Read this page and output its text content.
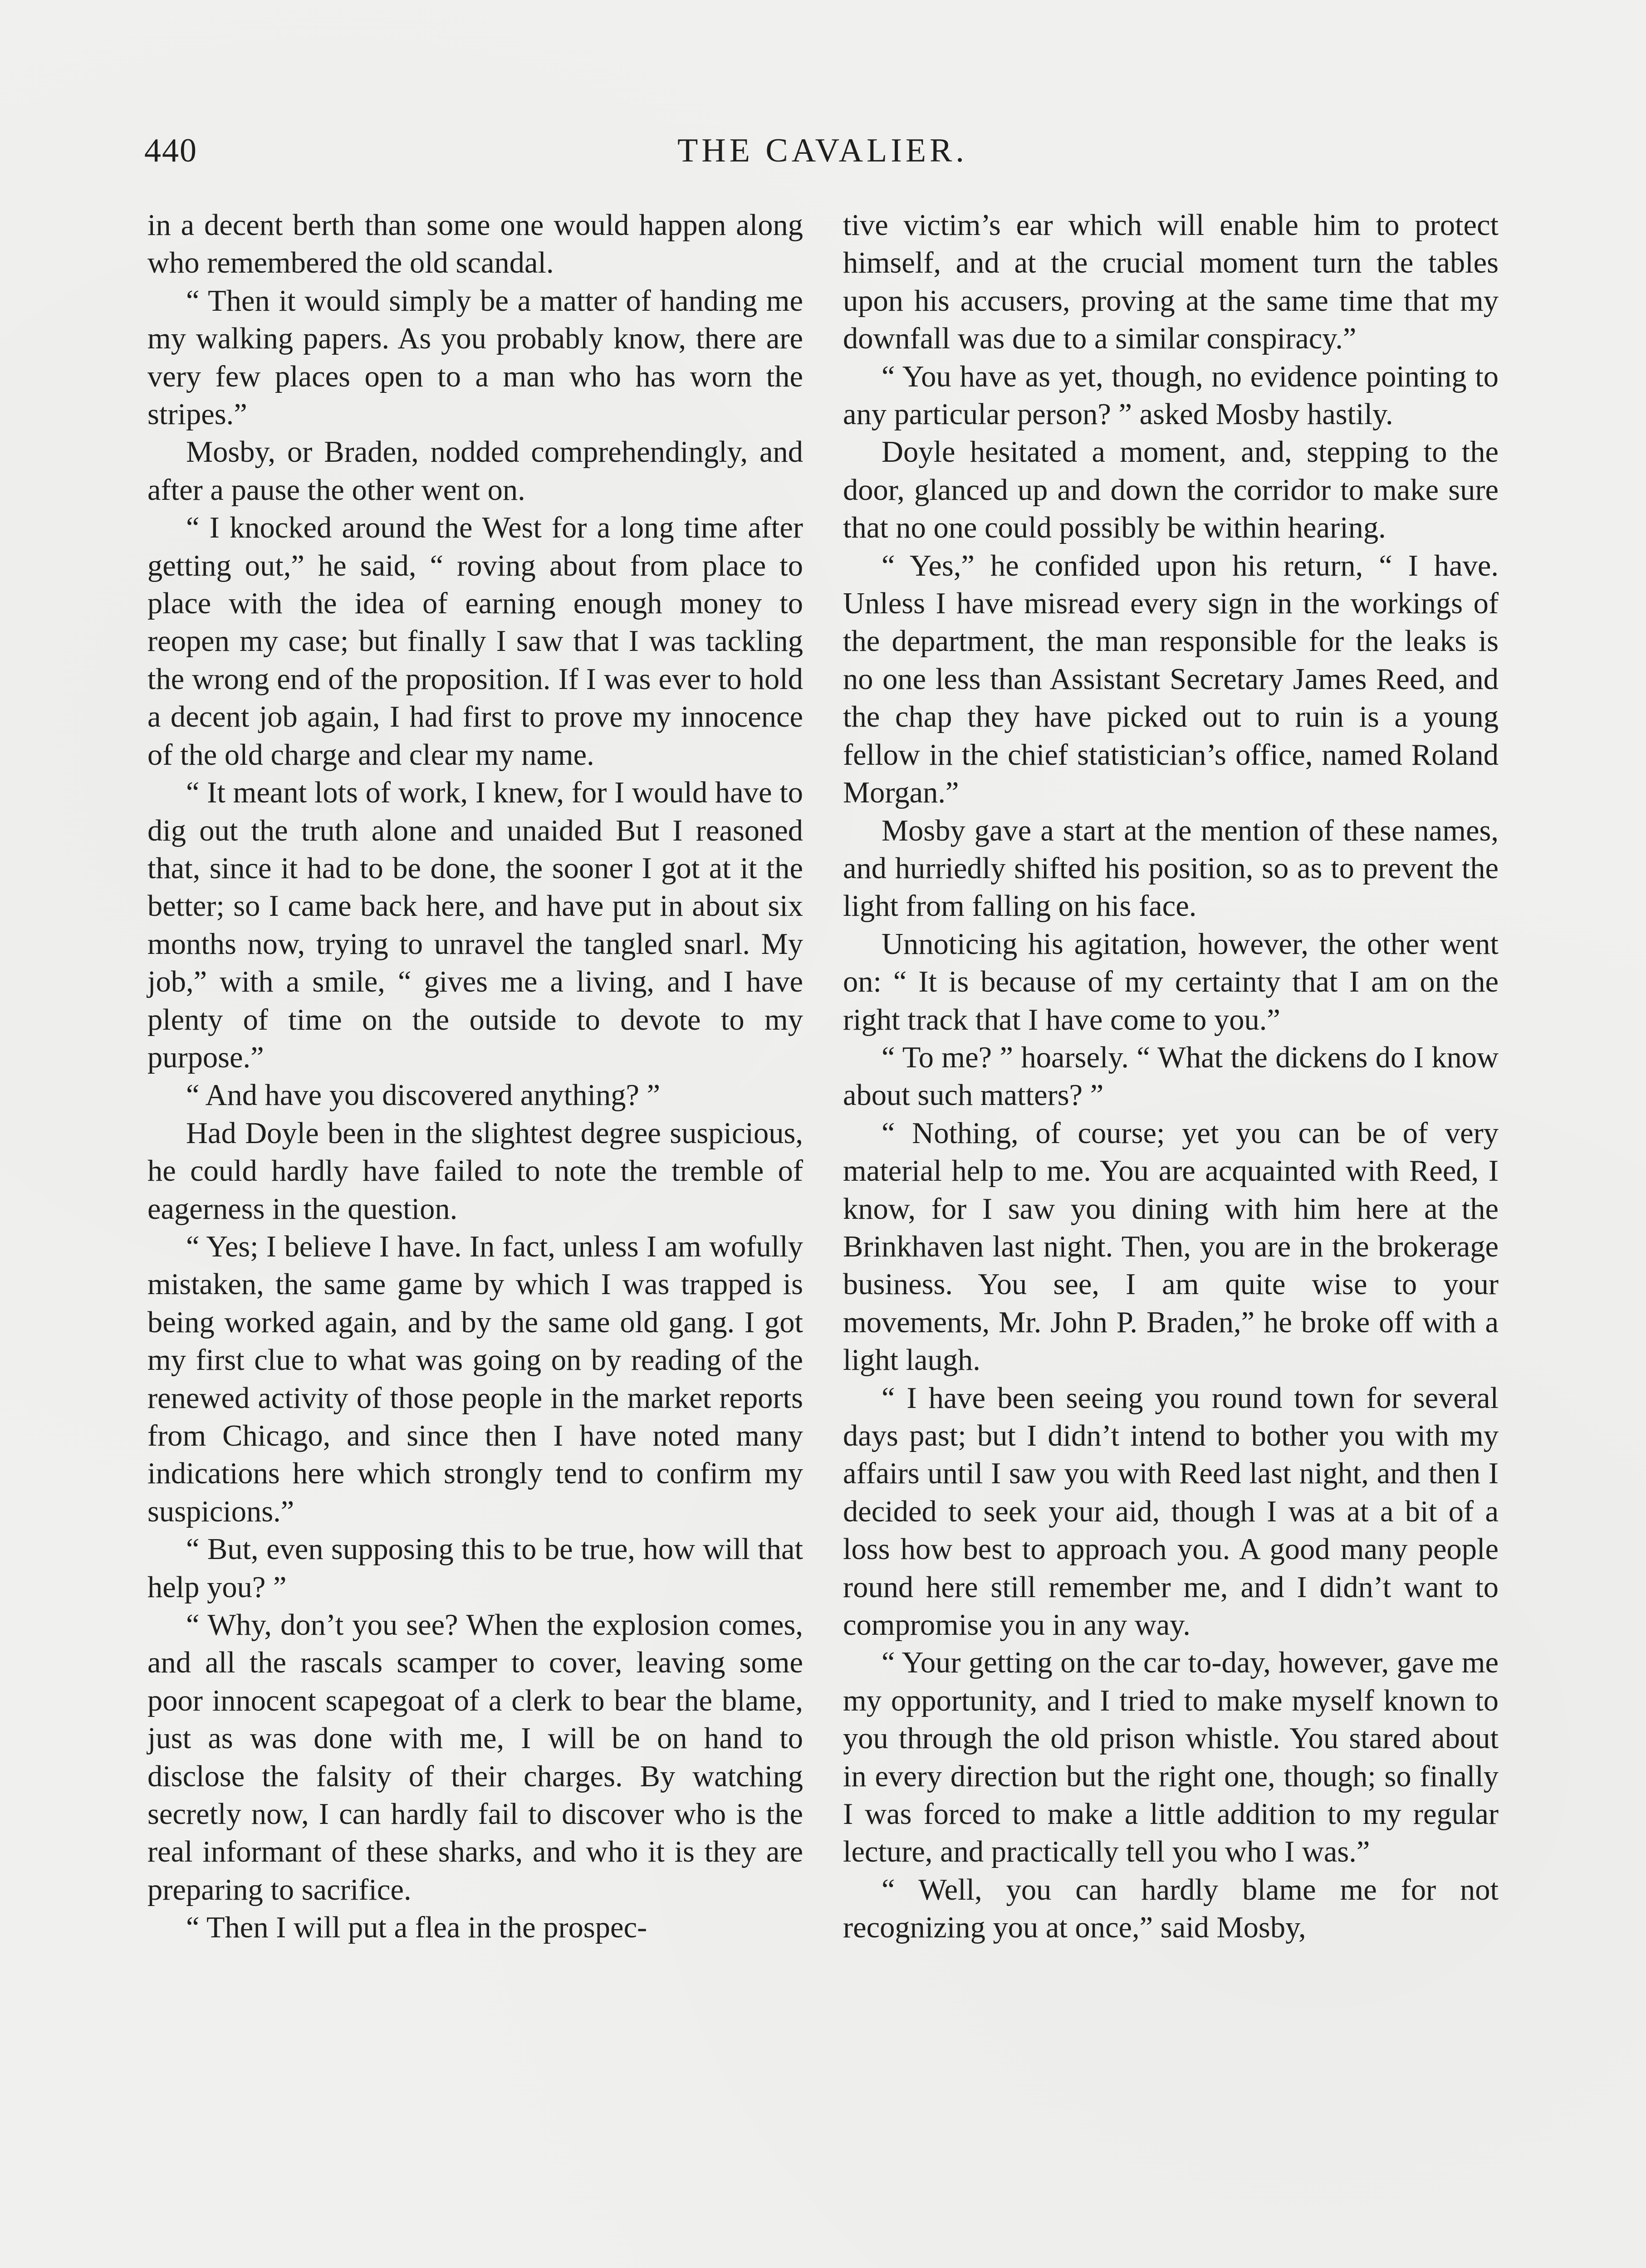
440	THE CAVALIER.

in a decent berth than some one would happen along who remembered the old scandal.

“ Then it would simply be a matter of handing me my walking papers. As you probably know, there are very few places open to a man who has worn the stripes.”

Mosby, or Braden, nodded comprehendingly, and after a pause the other went on.

“ I knocked around the West for a long time after getting out,” he said, “ roving about from place to place with the idea of earning enough money to reopen my case; but finally I saw that I was tackling the wrong end of the proposition. If I was ever to hold a decent job again, I had first to prove my innocence of the old charge and clear my name.

“ It meant lots of work, I knew, for I would have to dig out the truth alone and unaided But I reasoned that, since it had to be done, the sooner I got at it the better; so I came back here, and have put in about six months now, trying to unravel the tangled snarl. My job,” with a smile, “ gives me a living, and I have plenty of time on the outside to devote to my purpose.”

“ And have you discovered anything? ”

Had Doyle been in the slightest degree suspicious, he could hardly have failed to note the tremble of eagerness in the question.

“ Yes; I believe I have. In fact, unless I am wofully mistaken, the same game by which I was trapped is being worked again, and by the same old gang. I got my first clue to what was going on by reading of the renewed activity of those people in the market reports from Chicago, and since then I have noted many indications here which strongly tend to confirm my suspicions.”

“ But, even supposing this to be true, how will that help you? ”

“ Why, don’t you see? When the explosion comes, and all the rascals scamper to cover, leaving some poor innocent scapegoat of a clerk to bear the blame, just as was done with me, I will be on hand to disclose the falsity of their charges. By watching secretly now, I can hardly fail to discover who is the real informant of these sharks, and who it is they are preparing to sacrifice.

“ Then I will put a flea in the prospec-

tive victim’s ear which will enable him to protect himself, and at the crucial moment turn the tables upon his accusers, proving at the same time that my downfall was due to a similar conspiracy.”

“ You have as yet, though, no evidence pointing to any particular person? ” asked Mosby hastily.

Doyle hesitated a moment, and, stepping to the door, glanced up and down the corridor to make sure that no one could possibly be within hearing.

“ Yes,” he confided upon his return, “ I have. Unless I have misread every sign in the workings of the department, the man responsible for the leaks is no one less than Assistant Secretary James Reed, and the chap they have picked out to ruin is a young fellow in the chief statistician’s office, named Roland Morgan.”

Mosby gave a start at the mention of these names, and hurriedly shifted his position, so as to prevent the light from falling on his face.

Unnoticing his agitation, however, the other went on: “ It is because of my certainty that I am on the right track that I have come to you.”

“ To me? ” hoarsely. “ What the dickens do I know about such matters? ”

“ Nothing, of course; yet you can be of very material help to me. You are acquainted with Reed, I know, for I saw you dining with him here at the Brinkhaven last night. Then, you are in the brokerage business. You see, I am quite wise to your movements, Mr. John P. Braden,” he broke off with a light laugh.

“ I have been seeing you round town for several days past; but I didn’t intend to bother you with my affairs until I saw you with Reed last night, and then I decided to seek your aid, though I was at a bit of a loss how best to approach you. A good many people round here still remember me, and I didn’t want to compromise you in any way.

“ Your getting on the car to-day, however, gave me my opportunity, and I tried to make myself known to you through the old prison whistle. You stared about in every direction but the right one, though; so finally I was forced to make a little addition to my regular lecture, and practically tell you who I was.”

“ Well, you can hardly blame me for not recognizing you at once,” said Mosby,
